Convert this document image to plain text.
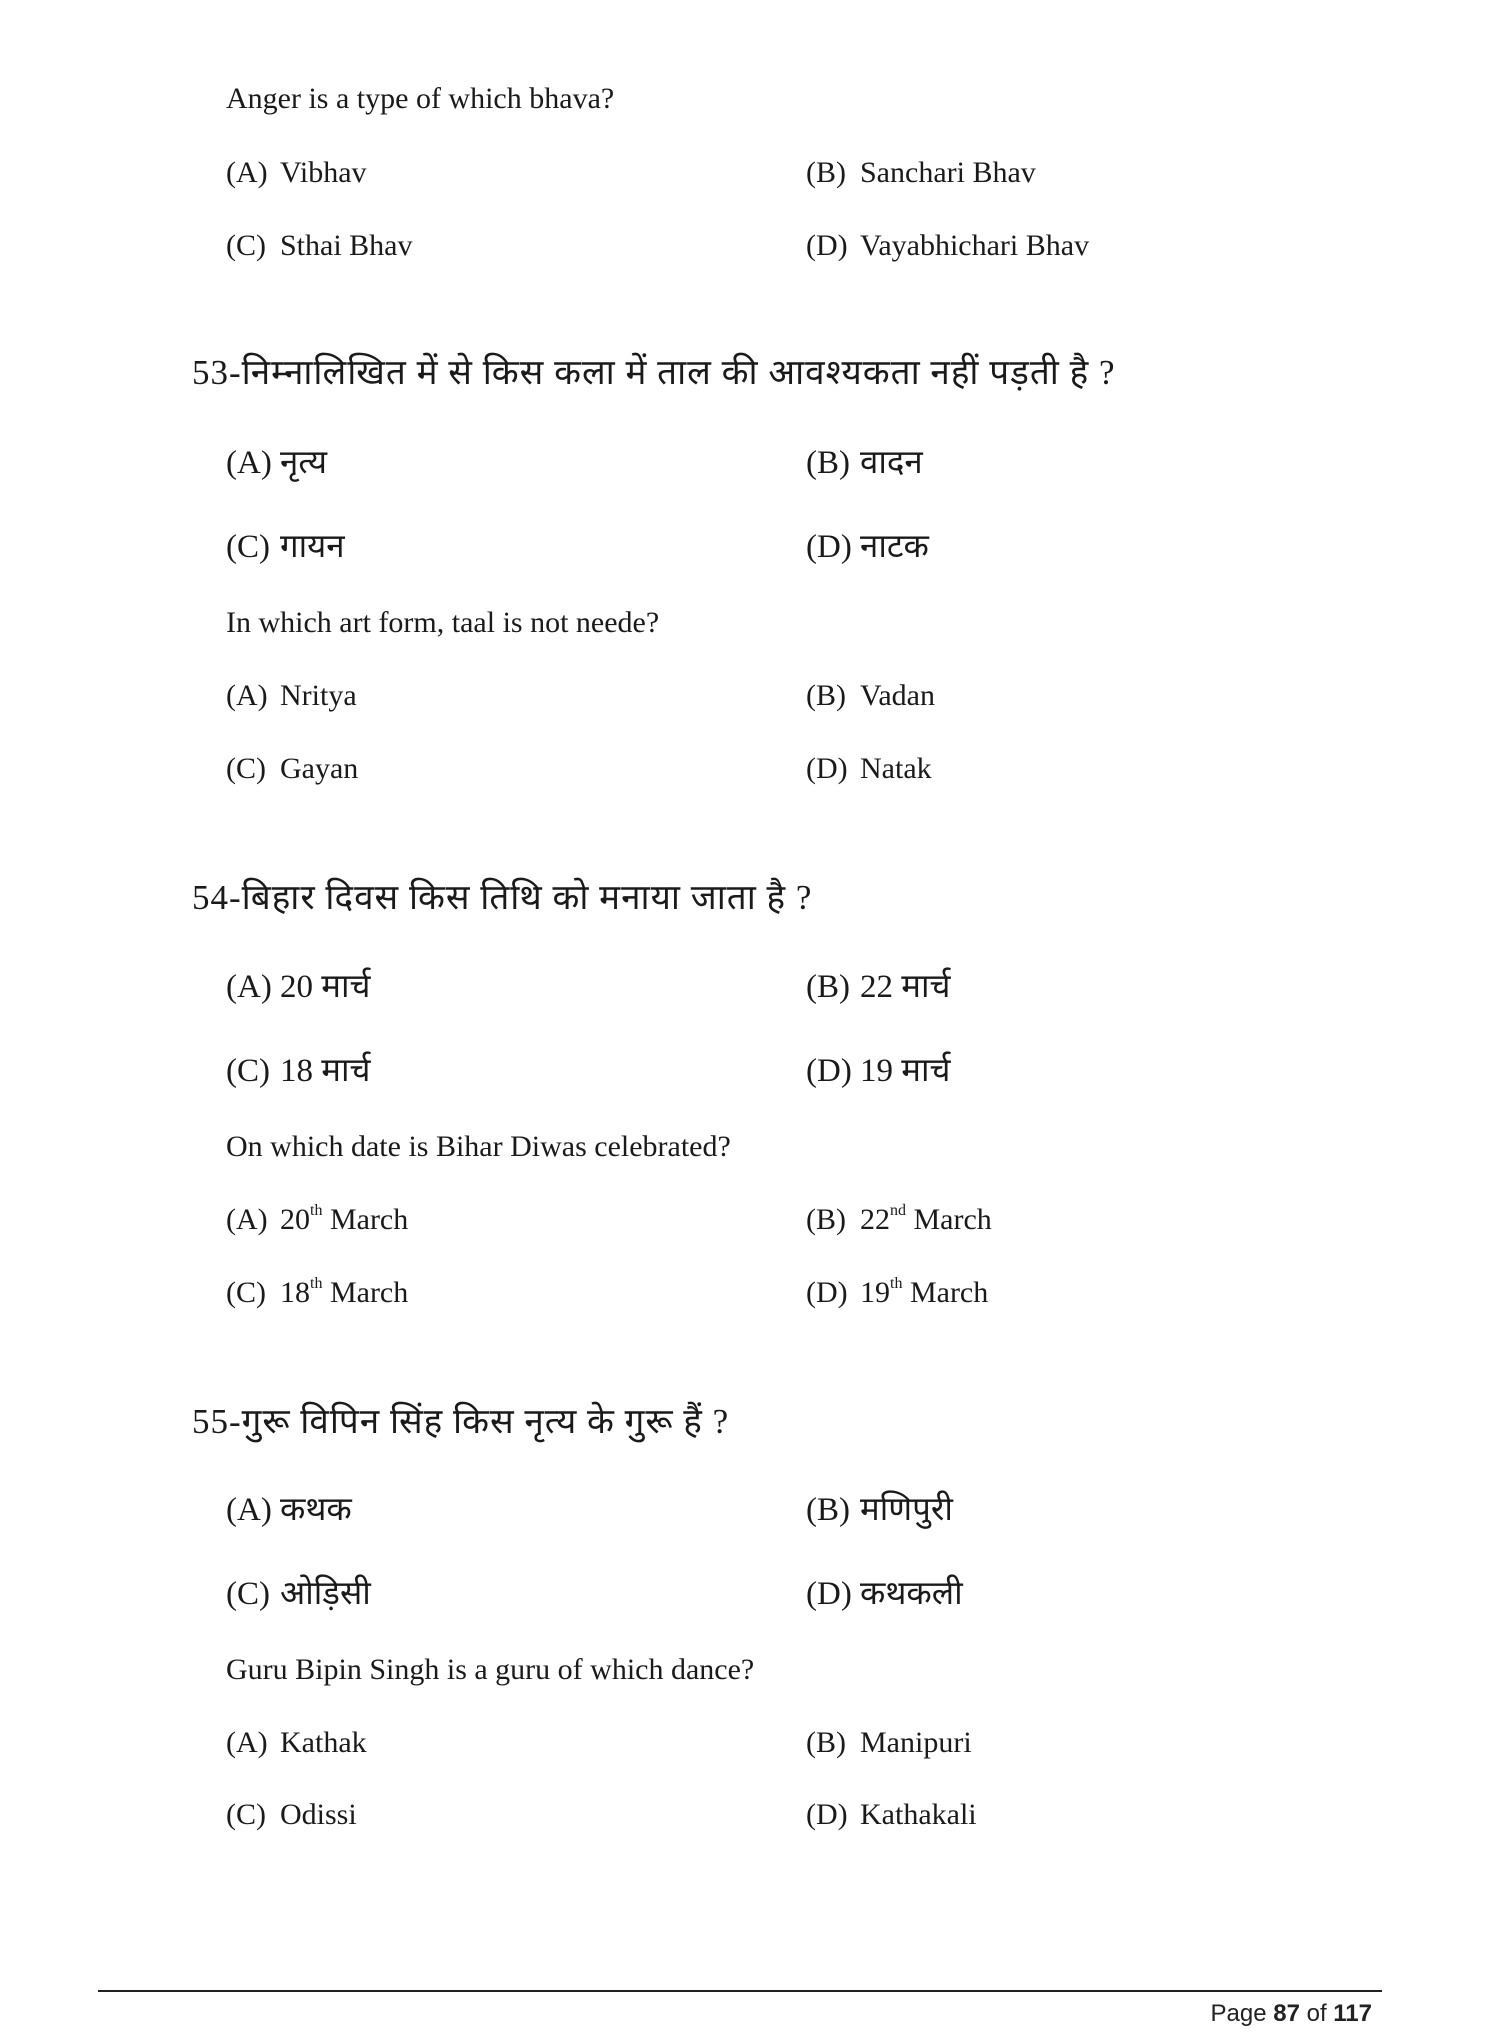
Anger is a type of which bhava?
(A) Vibhav	(B) Sanchari Bhav
(C) Sthai Bhav	(D) Vayabhichari Bhav
53-निम्नालिखित में से किस कला में ताल की आवश्यकता नहीं पड़ती है ?
(A) नृत्य	(B) वादन
(C) गायन	(D) नाटक
In which art form, taal is not neede?
(A) Nritya	(B) Vadan
(C) Gayan	(D) Natak
54-बिहार दिवस किस तिथि को मनाया जाता है ?
(A) 20 मार्च	(B) 22 मार्च
(C) 18 मार्च	(D) 19 मार्च
On which date is Bihar Diwas celebrated?
(A) 20th March	(B) 22nd March
(C) 18th March	(D) 19th March
55-गुरू विपिन सिंह किस नृत्य के गुरू हैं ?
(A) कथक	(B) मणिपुरी
(C) ओड़िसी	(D) कथकली
Guru Bipin Singh is a guru of which dance?
(A) Kathak	(B) Manipuri
(C) Odissi	(D) Kathakali
Page 87 of 117
